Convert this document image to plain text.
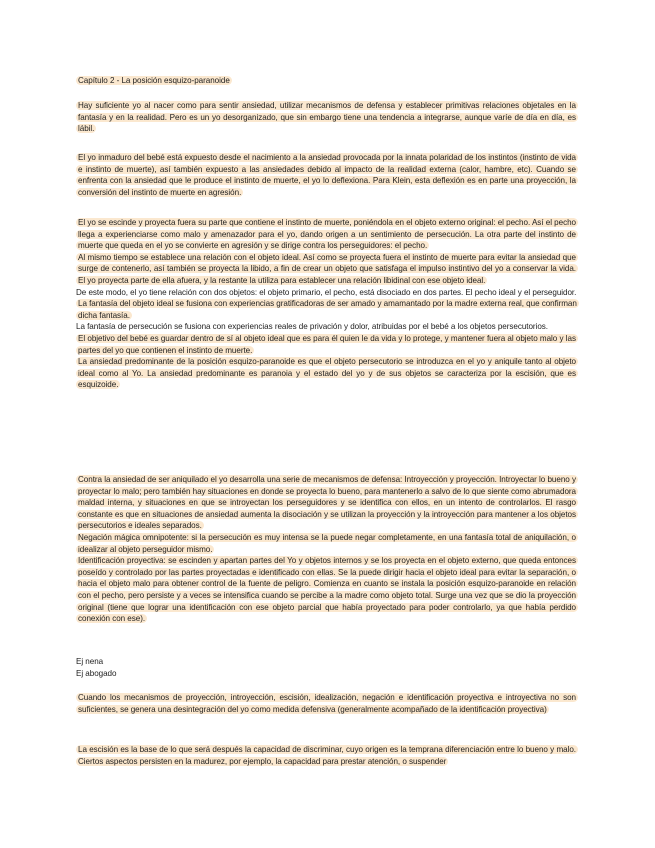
Capítulo 2 - La posición esquizo-paranoide

Hay suficiente yo al nacer como para sentir ansiedad, utilizar mecanismos de defensa y establecer primitivas relaciones objetales en la fantasía y en la realidad. Pero es un yo desorganizado, que sin embargo tiene una tendencia a integrarse, aunque varíe de día en día, es lábil.

El yo inmaduro del bebé está expuesto desde el nacimiento a la ansiedad provocada por la innata polaridad de los instintos (instinto de vida e instinto de muerte), así también expuesto a las ansiedades debido al impacto de la realidad externa (calor, hambre, etc). Cuando se enfrenta con la ansiedad que le produce el instinto de muerte, el yo lo deflexiona. Para Klein, esta deflexión es en parte una proyección, la conversión del instinto de muerte en agresión.

El yo se escinde y proyecta fuera su parte que contiene el instinto de muerte, poniéndola en el objeto externo original: el pecho. Así el pecho llega a experienciarse como malo y amenazador para el yo, dando origen a un sentimiento de persecución. La otra parte del instinto de muerte que queda en el yo se convierte en agresión y se dirige contra los perseguidores: el pecho.

Al mismo tiempo se establece una relación con el objeto ideal. Así como se proyecta fuera el instinto de muerte para evitar la ansiedad que surge de contenerlo, así también se proyecta la libido, a fin de crear un objeto que satisfaga el impulso instintivo del yo a conservar la vida. El yo proyecta parte de ella afuera, y la restante la utiliza para establecer una relación libidinal con ese objeto ideal.

De este modo, el yo tiene relación con dos objetos: el objeto primario, el pecho, está disociado en dos partes. El pecho ideal y el perseguidor.

La fantasía del objeto ideal se fusiona con experiencias gratificadoras de ser amado y amamantado por la madre externa real, que confirman dicha fantasía.

La fantasía de persecución se fusiona con experiencias reales de privación y dolor, atribuidas por el bebé a los objetos persecutorios.

El objetivo del bebé es guardar dentro de sí al objeto ideal que es para él quien le da vida y lo protege, y mantener fuera al objeto malo y las partes del yo que contienen el instinto de muerte.

La ansiedad predominante de la posición esquizo-paranoide es que el objeto persecutorio se introduzca en el yo y aniquile tanto al objeto ideal como al Yo. La ansiedad predominante es paranoia y el estado del yo y de sus objetos se caracteriza por la escisión, que es esquizoide.

Contra la ansiedad de ser aniquilado el yo desarrolla una serie de mecanismos de defensa: Introyección y proyección. Introyectar lo bueno y proyectar lo malo; pero también hay situaciones en donde se proyecta lo bueno, para mantenerlo a salvo de lo que siente como abrumadora maldad interna, y situaciones en que se introyectan los perseguidores y se identifica con ellos, en un intento de controlarlos. El rasgo constante es que en situaciones de ansiedad aumenta la disociación y se utilizan la proyección y la introyección para mantener a los objetos persecutorios e ideales separados.

Negación mágica omnipotente: si la persecución es muy intensa se la puede negar completamente, en una fantasía total de aniquilación, o idealizar al objeto perseguidor mismo.

Identificación proyectiva: se escinden y apartan partes del Yo y objetos internos y se los proyecta en el objeto externo, que queda entonces poseído y controlado por las partes proyectadas e identificado con ellas. Se la puede dirigir hacia el objeto ideal para evitar la separación, o hacia el objeto malo para obtener control de la fuente de peligro. Comienza en cuanto se instala la posición esquizo-paranoide en relación con el pecho, pero persiste y a veces se intensifica cuando se percibe a la madre como objeto total. Surge una vez que se dio la proyección original (tiene que lograr una identificación con ese objeto parcial que había proyectado para poder controlarlo, ya que había perdido conexión con ese).

Ej nena

Ej abogado

Cuando los mecanismos de proyección, introyección, escisión, idealización, negación e identificación proyectiva e introyectiva no son suficientes, se genera una desintegración del yo como medida defensiva (generalmente acompañado de la identificación proyectiva)

La escisión es la base de lo que será después la capacidad de discriminar, cuyo origen es la temprana diferenciación entre lo bueno y malo. Ciertos aspectos persisten en la madurez, por ejemplo, la capacidad para prestar atención, o suspender
